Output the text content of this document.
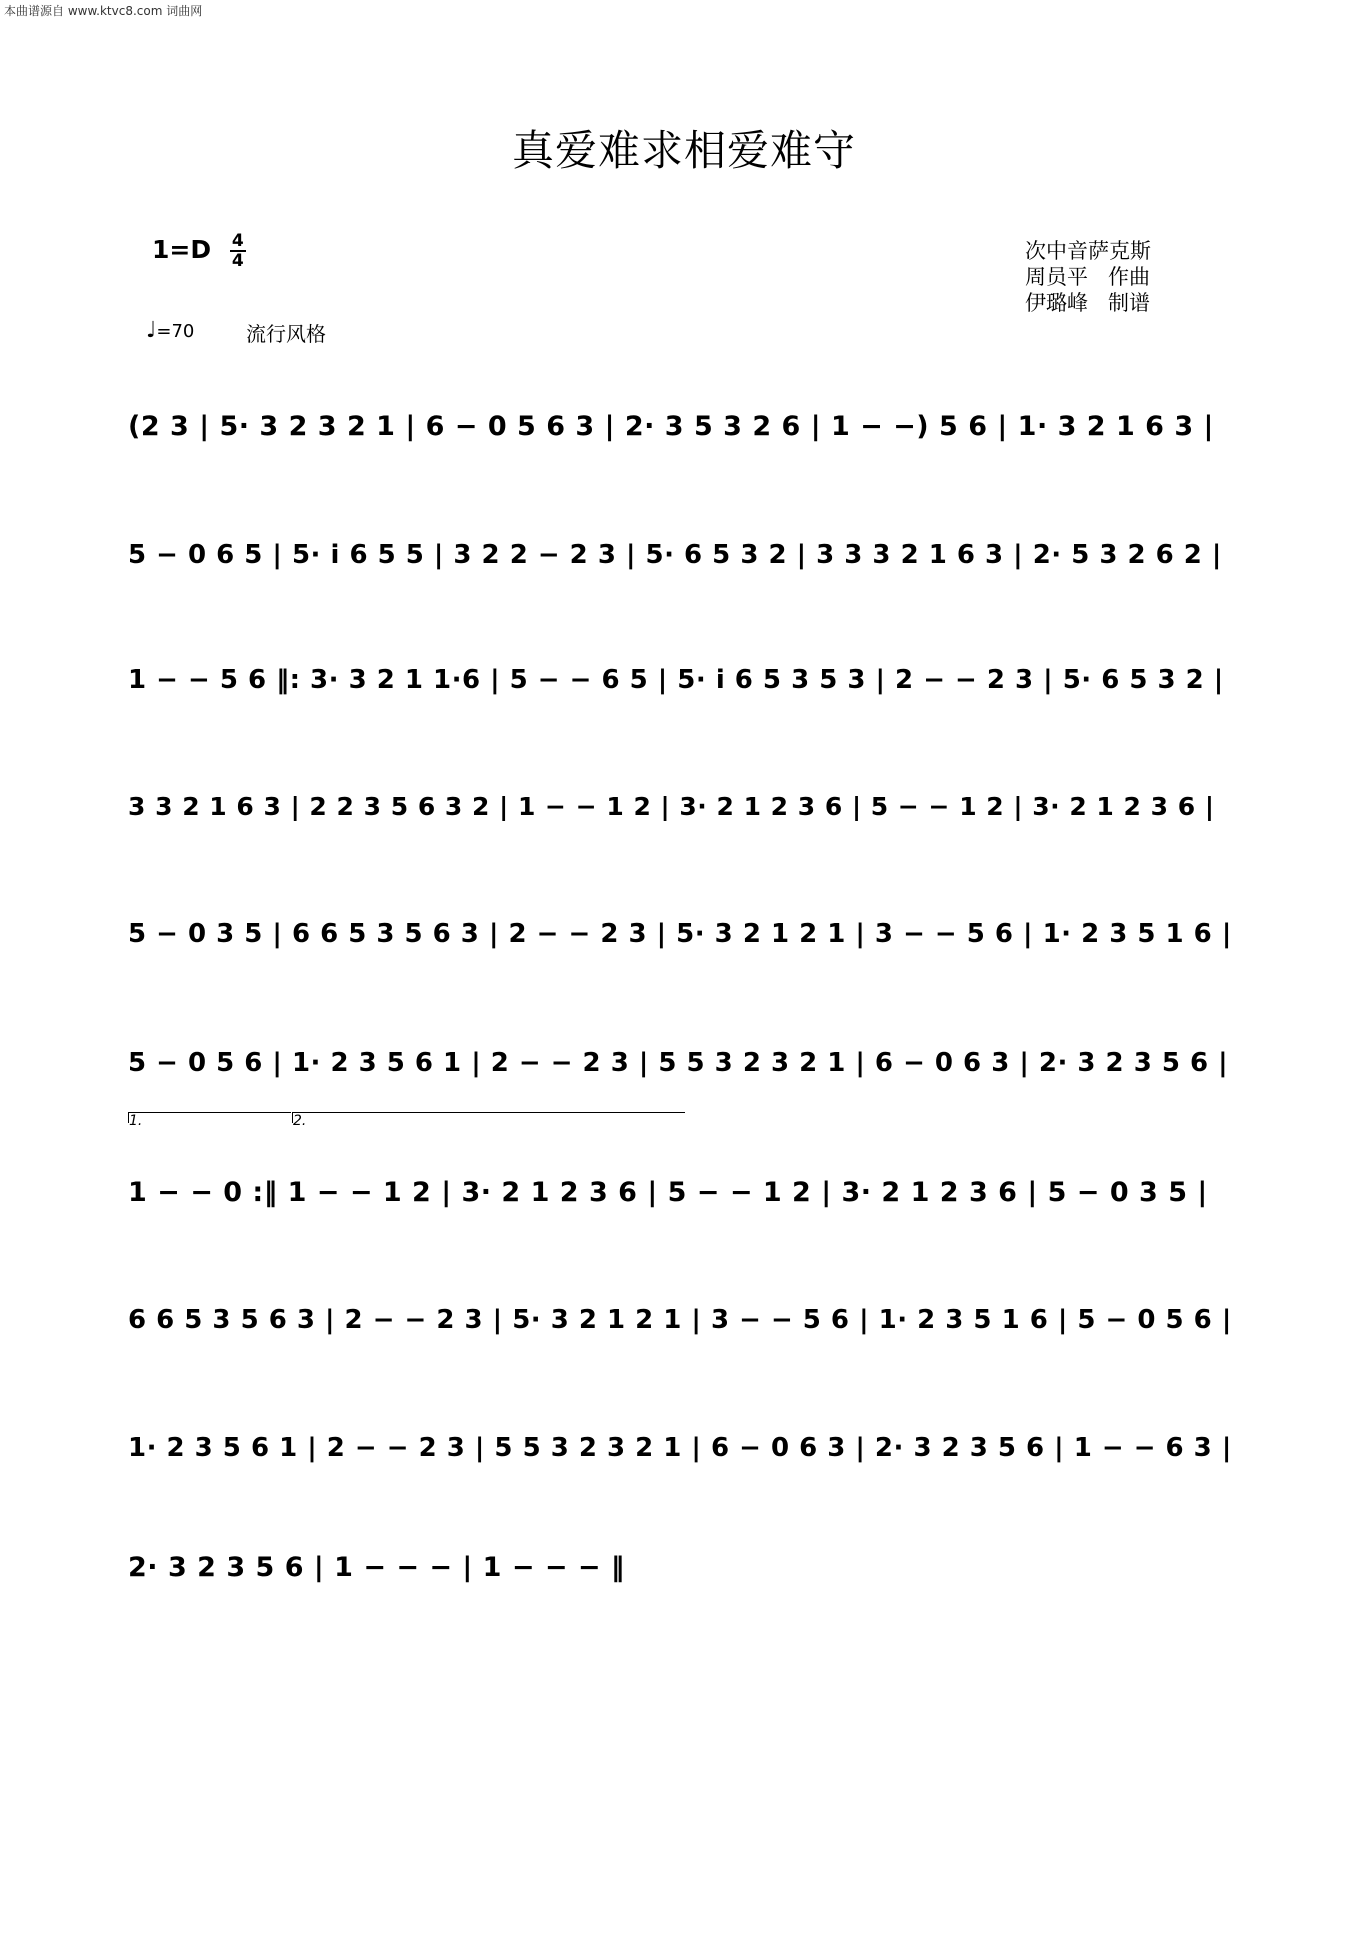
本曲谱源自 www.ktvc8.com 词曲网
真爱难求相爱难守
$1=D \frac{4}{4}$
♩=70	流行风格
次中音萨克斯
周员平   作曲
伊璐峰   制谱
(2 3 | 5· 3 2 3 2 1 | 6 − 0 5 6 3 | 2· 3 5 3 2 6 | 1 − −) 5 6 | 1· 3 2 1 6 3 |
5 − 0 6 5 | 5· i 6 5 5 | 3 2 2 − 2 3 | 5· 6 5 3 2 | 3 3 3 2 1 6 3 | 2· 5 3 2 6 2 |
1 − − 5 6 ‖: 3· 3 2 1 1·6 | 5 − − 6 5 | 5· i 6 5 3 5 3 | 2 − − 2 3 | 5· 6 5 3 2 |
3 3 2 1 6 3 | 2 2 3 5 6 3 2 | 1 − − 1 2 | 3· 2 1 2 3 6 | 5 − − 1 2 | 3· 2 1 2 3 6 |
5 − 0 3 5 | 6 6 5 3 5 6 3 | 2 − − 2 3 | 5· 3 2 1 2 1 | 3 − − 5 6 | 1· 2 3 5 1 6 |
5 − 0 5 6 | 1· 2 3 5 6 1 | 2 − − 2 3 | 5 5 3 2 3 2 1 | 6 − 0 6 3 | 2· 3 2 3 5 6 |
1.	2.
1 − − 0 :‖ 1 − − 1 2 | 3· 2 1 2 3 6 | 5 − − 1 2 | 3· 2 1 2 3 6 | 5 − 0 3 5 |
6 6 5 3 5 6 3 | 2 − − 2 3 | 5· 3 2 1 2 1 | 3 − − 5 6 | 1· 2 3 5 1 6 | 5 − 0 5 6 |
1· 2 3 5 6 1 | 2 − − 2 3 | 5 5 3 2 3 2 1 | 6 − 0 6 3 | 2· 3 2 3 5 6 | 1 − − 6 3 |
2· 3 2 3 5 6 | 1 − − − | 1 − − − ‖
